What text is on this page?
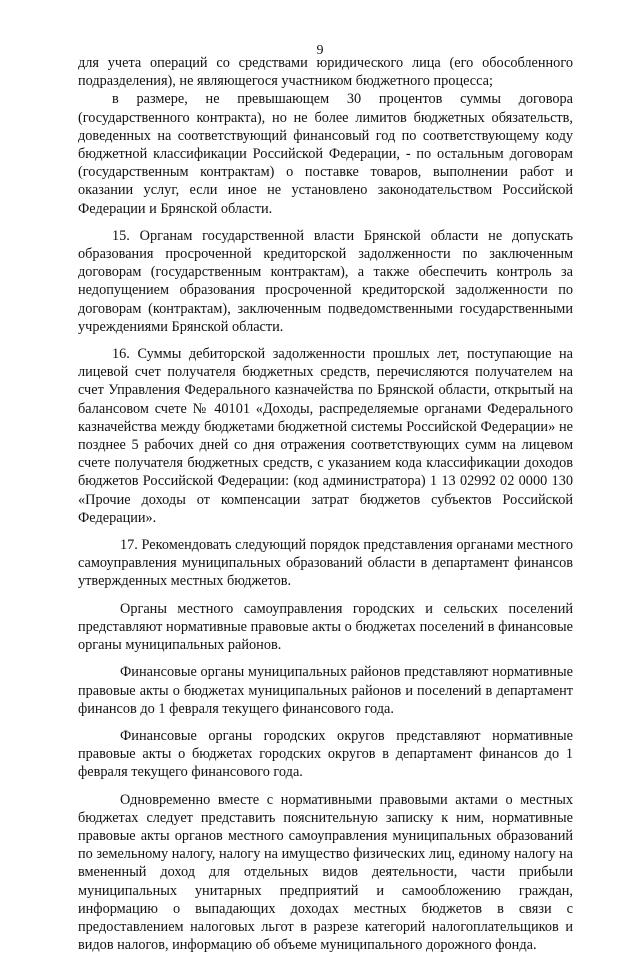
9

для учета операций со средствами юридического лица (его обособленного подразделения), не являющегося участником бюджетного процесса;

в размере, не превышающем 30 процентов суммы договора (государственного контракта), но не более лимитов бюджетных обязательств, доведенных на соответствующий финансовый год по соответствующему коду бюджетной классификации Российской Федерации, - по остальным договорам (государственным контрактам) о поставке товаров, выполнении работ и оказании услуг, если иное не установлено законодательством Российской Федерации и Брянской области.

15. Органам государственной власти Брянской области не допускать образования просроченной кредиторской задолженности по заключенным договорам (государственным контрактам), а также обеспечить контроль за недопущением образования просроченной кредиторской задолженности по договорам (контрактам), заключенным подведомственными государственными учреждениями Брянской области.

16. Суммы дебиторской задолженности прошлых лет, поступающие на лицевой счет получателя бюджетных средств, перечисляются получателем на счет Управления Федерального казначейства по Брянской области, открытый на балансовом счете № 40101 «Доходы, распределяемые органами Федерального казначейства между бюджетами бюджетной системы Российской Федерации» не позднее 5 рабочих дней со дня отражения соответствующих сумм на лицевом счете получателя бюджетных средств, с указанием кода классификации доходов бюджетов Российской Федерации: (код администратора) 1 13 02992 02 0000 130 «Прочие доходы от компенсации затрат бюджетов субъектов Российской Федерации».

17. Рекомендовать следующий порядок представления органами местного самоуправления муниципальных образований области в департамент финансов утвержденных местных бюджетов.

Органы местного самоуправления городских и сельских поселений представляют нормативные правовые акты о бюджетах поселений в финансовые органы муниципальных районов.

Финансовые органы муниципальных районов представляют нормативные правовые акты о бюджетах муниципальных районов и поселений в департамент финансов до 1 февраля текущего финансового года.

Финансовые органы городских округов представляют нормативные правовые акты о бюджетах городских округов в департамент финансов до 1 февраля текущего финансового года.

Одновременно вместе с нормативными правовыми актами о местных бюджетах следует представить пояснительную записку к ним, нормативные правовые акты органов местного самоуправления муниципальных образований по земельному налогу, налогу на имущество физических лиц, единому налогу на вмененный доход для отдельных видов деятельности, части прибыли муниципальных унитарных предприятий и самообложению граждан, информацию о выпадающих доходах местных бюджетов в связи с предоставлением налоговых льгот в разрезе категорий налогоплательщиков и видов налогов, информацию об объеме муниципального дорожного фонда.
